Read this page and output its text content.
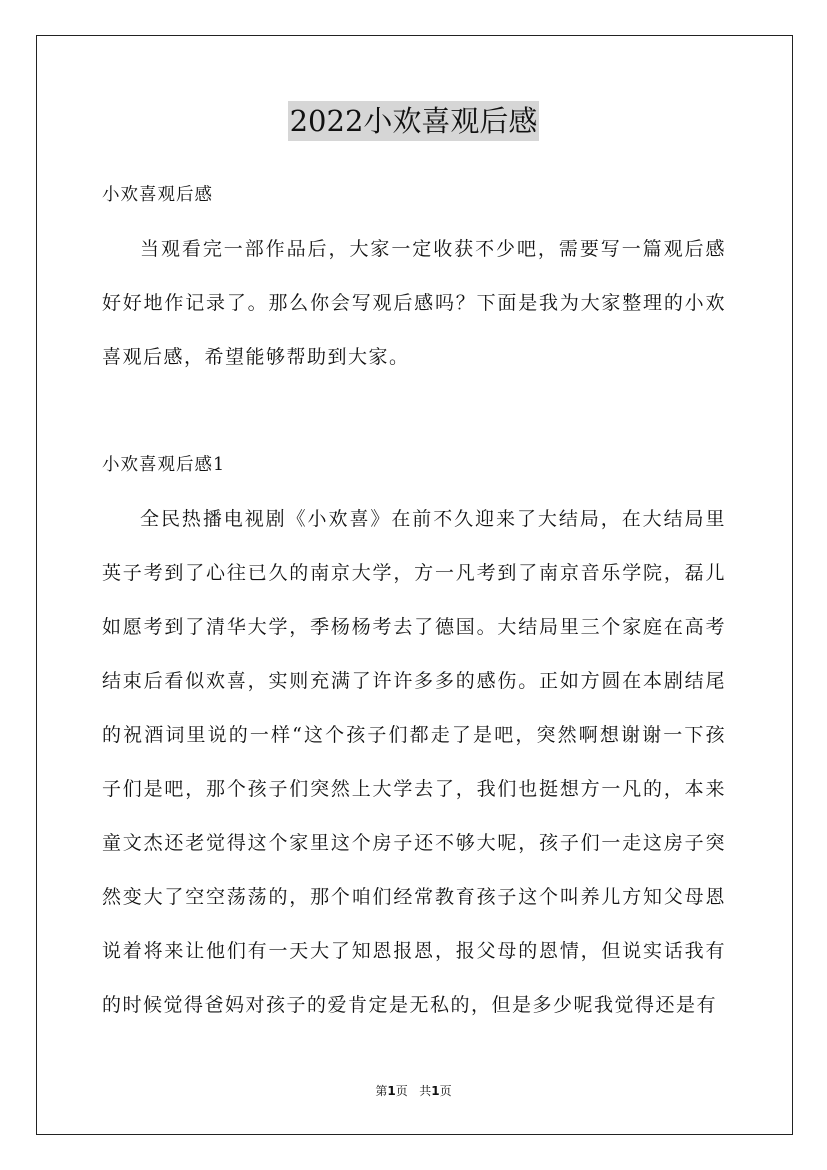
2022小欢喜观后感
小欢喜观后感

当观看完一部作品后，大家一定收获不少吧，需要写一篇观后感好好地作记录了。那么你会写观后感吗？下面是我为大家整理的小欢喜观后感，希望能够帮助到大家。

小欢喜观后感1

全民热播电视剧《小欢喜》在前不久迎来了大结局，在大结局里英子考到了心往已久的南京大学，方一凡考到了南京音乐学院，磊儿如愿考到了清华大学，季杨杨考去了德国。大结局里三个家庭在高考结束后看似欢喜，实则充满了许许多多的感伤。正如方圆在本剧结尾的祝酒词里说的一样“这个孩子们都走了是吧，突然啊想谢谢一下孩子们是吧，那个孩子们突然上大学去了，我们也挺想方一凡的，本来童文杰还老觉得这个家里这个房子还不够大呢，孩子们一走这房子突然变大了空空荡荡的，那个咱们经常教育孩子这个叫养儿方知父母恩说着将来让他们有一天大了知恩报恩，报父母的恩情，但说实话我有的时候觉得爸妈对孩子的爱肯定是无私的，但是多少呢我觉得还是有

第1页 共1页
